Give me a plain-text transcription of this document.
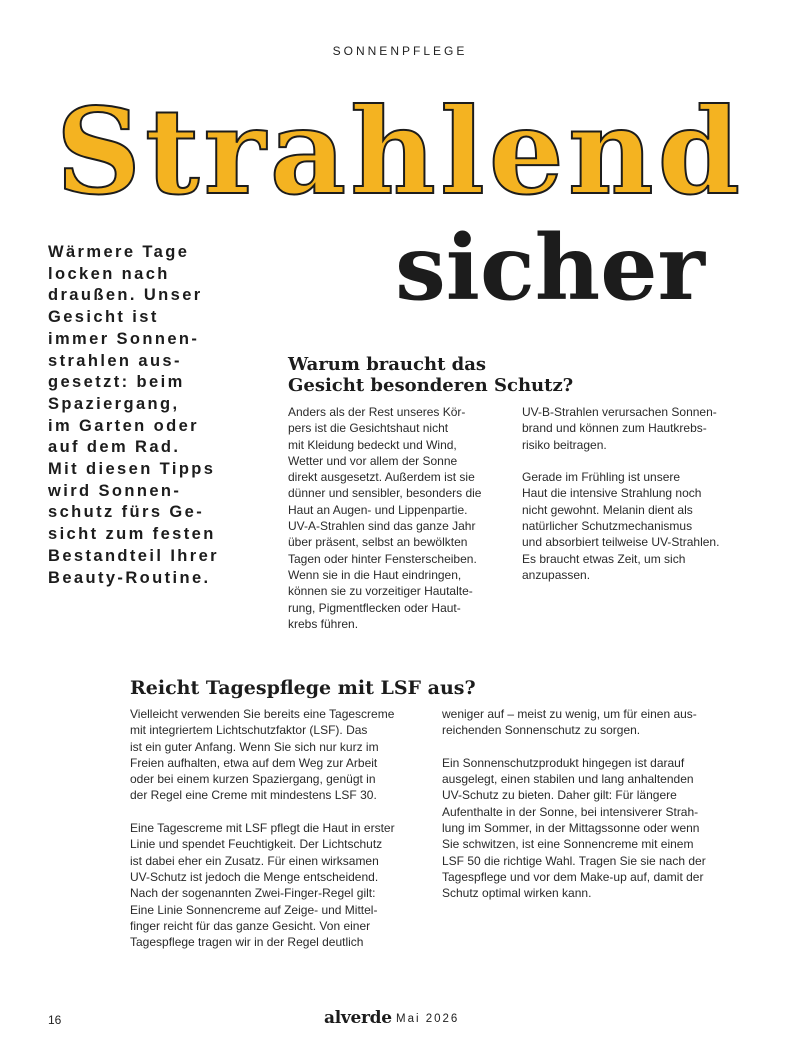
SONNENPFLEGE
Strahlend
sicher
Wärmere Tage
locken nach
draußen. Unser
Gesicht ist
immer Sonnen-
strahlen aus-
gesetzt: beim
Spaziergang,
im Garten oder
auf dem Rad.
Mit diesen Tipps
wird Sonnen-
schutz fürs Ge-
sicht zum festen
Bestandteil Ihrer
Beauty-Routine.
Warum braucht das
Gesicht besonderen Schutz?
Anders als der Rest unseres Kör-
pers ist die Gesichtshaut nicht
mit Kleidung bedeckt und Wind,
Wetter und vor allem der Sonne
direkt ausgesetzt. Außerdem ist sie
dünner und sensibler, besonders die
Haut an Augen- und Lippenpartie.
UV-A-Strahlen sind das ganze Jahr
über präsent, selbst an bewölkten
Tagen oder hinter Fensterscheiben.
Wenn sie in die Haut eindringen,
können sie zu vorzeitiger Hautalte-
rung, Pigmentflecken oder Haut-
krebs führen.
UV-B-Strahlen verursachen Sonnen-
brand und können zum Hautkrebs-
risiko beitragen.
Gerade im Frühling ist unsere
Haut die intensive Strahlung noch
nicht gewohnt. Melanin dient als
natürlicher Schutzmechanismus
und absorbiert teilweise UV-Strahlen.
Es braucht etwas Zeit, um sich
anzupassen.
Reicht Tagespflege mit LSF aus?
Vielleicht verwenden Sie bereits eine Tagescreme
mit integriertem Lichtschutzfaktor (LSF). Das
ist ein guter Anfang. Wenn Sie sich nur kurz im
Freien aufhalten, etwa auf dem Weg zur Arbeit
oder bei einem kurzen Spaziergang, genügt in
der Regel eine Creme mit mindestens LSF 30.
Eine Tagescreme mit LSF pflegt die Haut in erster
Linie und spendet Feuchtigkeit. Der Lichtschutz
ist dabei eher ein Zusatz. Für einen wirksamen
UV-Schutz ist jedoch die Menge entscheidend.
Nach der sogenannten Zwei-Finger-Regel gilt:
Eine Linie Sonnencreme auf Zeige- und Mittel-
finger reicht für das ganze Gesicht. Von einer
Tagespflege tragen wir in der Regel deutlich
weniger auf – meist zu wenig, um für einen aus-
reichenden Sonnenschutz zu sorgen.
Ein Sonnenschutzprodukt hingegen ist darauf
ausgelegt, einen stabilen und lang anhaltenden
UV-Schutz zu bieten. Daher gilt: Für längere
Aufenthalte in der Sonne, bei intensiverer Strah-
lung im Sommer, in der Mittagssonne oder wenn
Sie schwitzen, ist eine Sonnencreme mit einem
LSF 50 die richtige Wahl. Tragen Sie sie nach der
Tagespflege und vor dem Make-up auf, damit der
Schutz optimal wirken kann.
16	alverde Mai 2026
